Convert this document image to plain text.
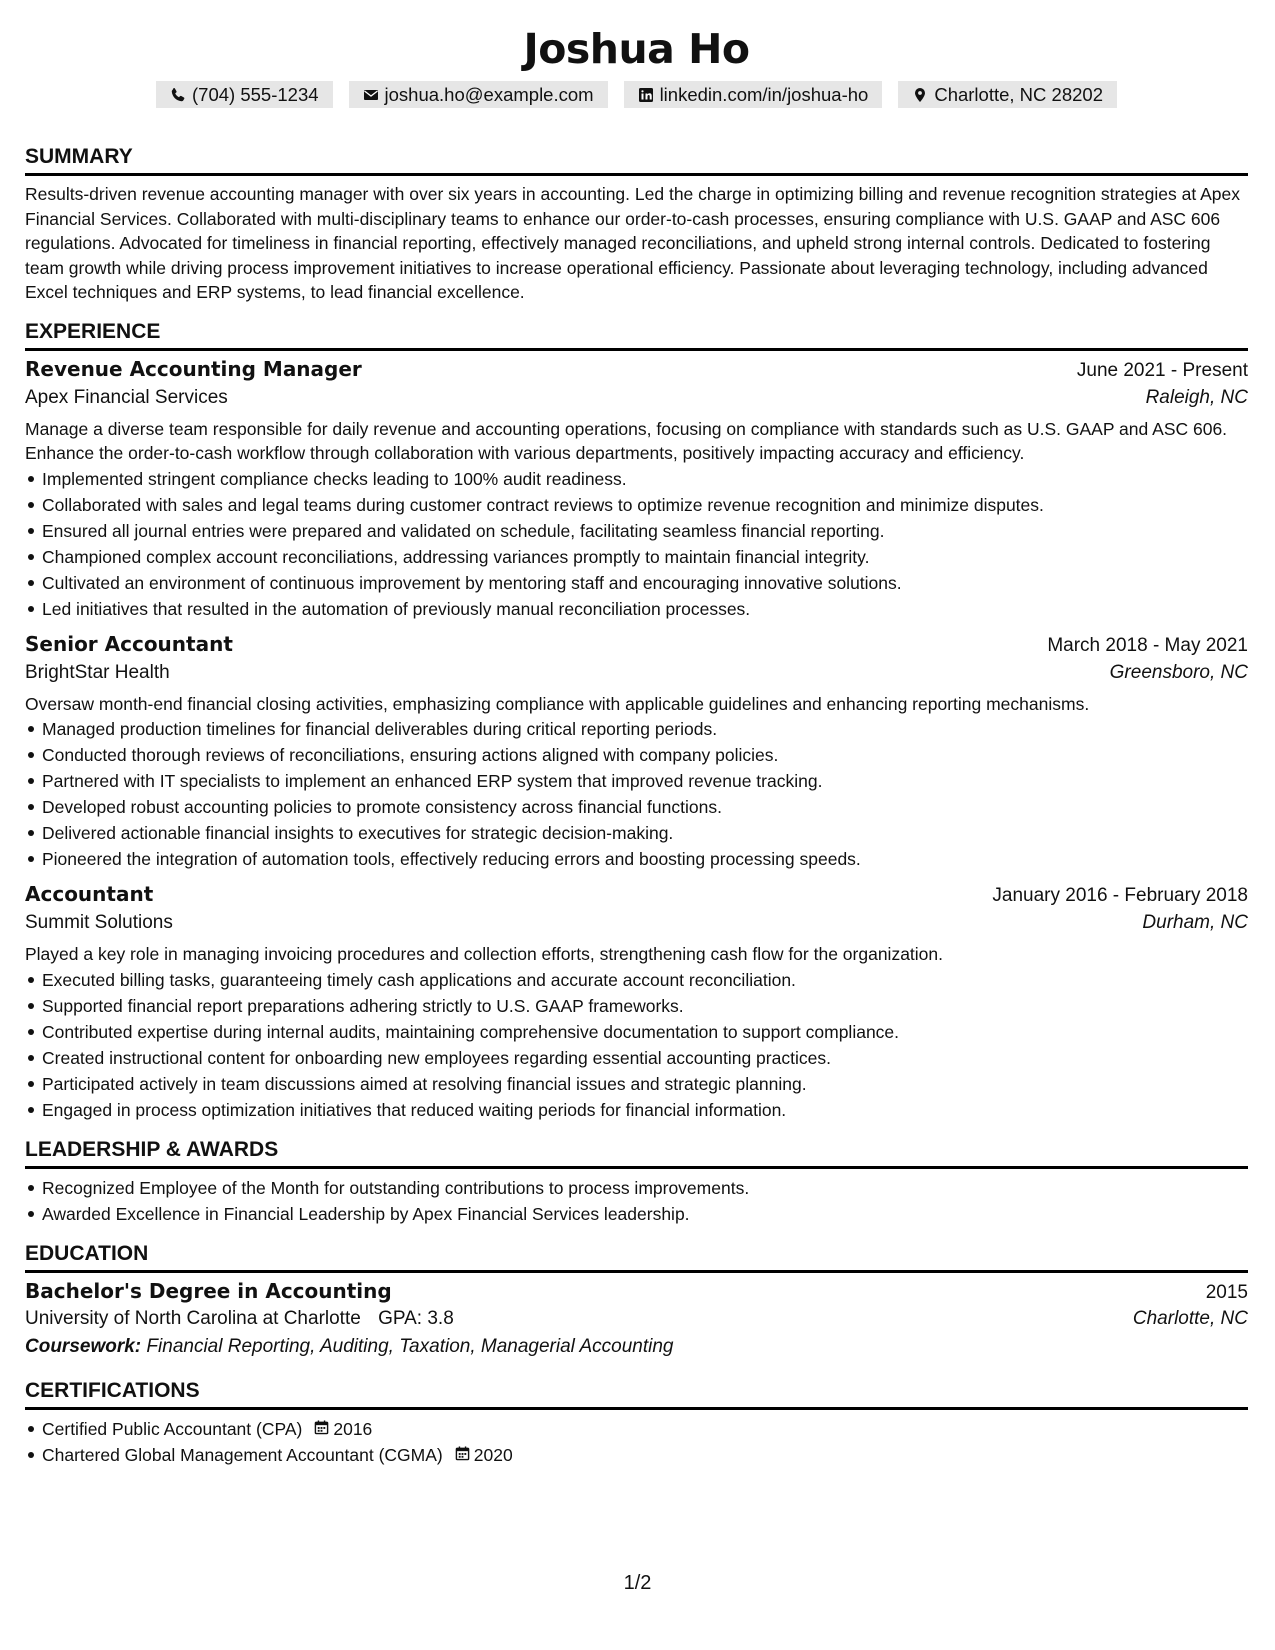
Joshua Ho
(704) 555-1234	joshua.ho@example.com	linkedin.com/in/joshua-ho	Charlotte, NC 28202
SUMMARY
Results-driven revenue accounting manager with over six years in accounting. Led the charge in optimizing billing and revenue recognition strategies at Apex Financial Services. Collaborated with multi-disciplinary teams to enhance our order-to-cash processes, ensuring compliance with U.S. GAAP and ASC 606 regulations. Advocated for timeliness in financial reporting, effectively managed reconciliations, and upheld strong internal controls. Dedicated to fostering team growth while driving process improvement initiatives to increase operational efficiency. Passionate about leveraging technology, including advanced Excel techniques and ERP systems, to lead financial excellence.
EXPERIENCE
Revenue Accounting Manager	June 2021 - Present
Apex Financial Services	Raleigh, NC
Manage a diverse team responsible for daily revenue and accounting operations, focusing on compliance with standards such as U.S. GAAP and ASC 606. Enhance the order-to-cash workflow through collaboration with various departments, positively impacting accuracy and efficiency.
Implemented stringent compliance checks leading to 100% audit readiness.
Collaborated with sales and legal teams during customer contract reviews to optimize revenue recognition and minimize disputes.
Ensured all journal entries were prepared and validated on schedule, facilitating seamless financial reporting.
Championed complex account reconciliations, addressing variances promptly to maintain financial integrity.
Cultivated an environment of continuous improvement by mentoring staff and encouraging innovative solutions.
Led initiatives that resulted in the automation of previously manual reconciliation processes.
Senior Accountant	March 2018 - May 2021
BrightStar Health	Greensboro, NC
Oversaw month-end financial closing activities, emphasizing compliance with applicable guidelines and enhancing reporting mechanisms.
Managed production timelines for financial deliverables during critical reporting periods.
Conducted thorough reviews of reconciliations, ensuring actions aligned with company policies.
Partnered with IT specialists to implement an enhanced ERP system that improved revenue tracking.
Developed robust accounting policies to promote consistency across financial functions.
Delivered actionable financial insights to executives for strategic decision-making.
Pioneered the integration of automation tools, effectively reducing errors and boosting processing speeds.
Accountant	January 2016 - February 2018
Summit Solutions	Durham, NC
Played a key role in managing invoicing procedures and collection efforts, strengthening cash flow for the organization.
Executed billing tasks, guaranteeing timely cash applications and accurate account reconciliation.
Supported financial report preparations adhering strictly to U.S. GAAP frameworks.
Contributed expertise during internal audits, maintaining comprehensive documentation to support compliance.
Created instructional content for onboarding new employees regarding essential accounting practices.
Participated actively in team discussions aimed at resolving financial issues and strategic planning.
Engaged in process optimization initiatives that reduced waiting periods for financial information.
LEADERSHIP & AWARDS
Recognized Employee of the Month for outstanding contributions to process improvements.
Awarded Excellence in Financial Leadership by Apex Financial Services leadership.
EDUCATION
Bachelor's Degree in Accounting	2015
University of North Carolina at Charlotte GPA: 3.8	Charlotte, NC
Coursework: Financial Reporting, Auditing, Taxation, Managerial Accounting
CERTIFICATIONS
Certified Public Accountant (CPA) 2016
Chartered Global Management Accountant (CGMA) 2020
1/2
